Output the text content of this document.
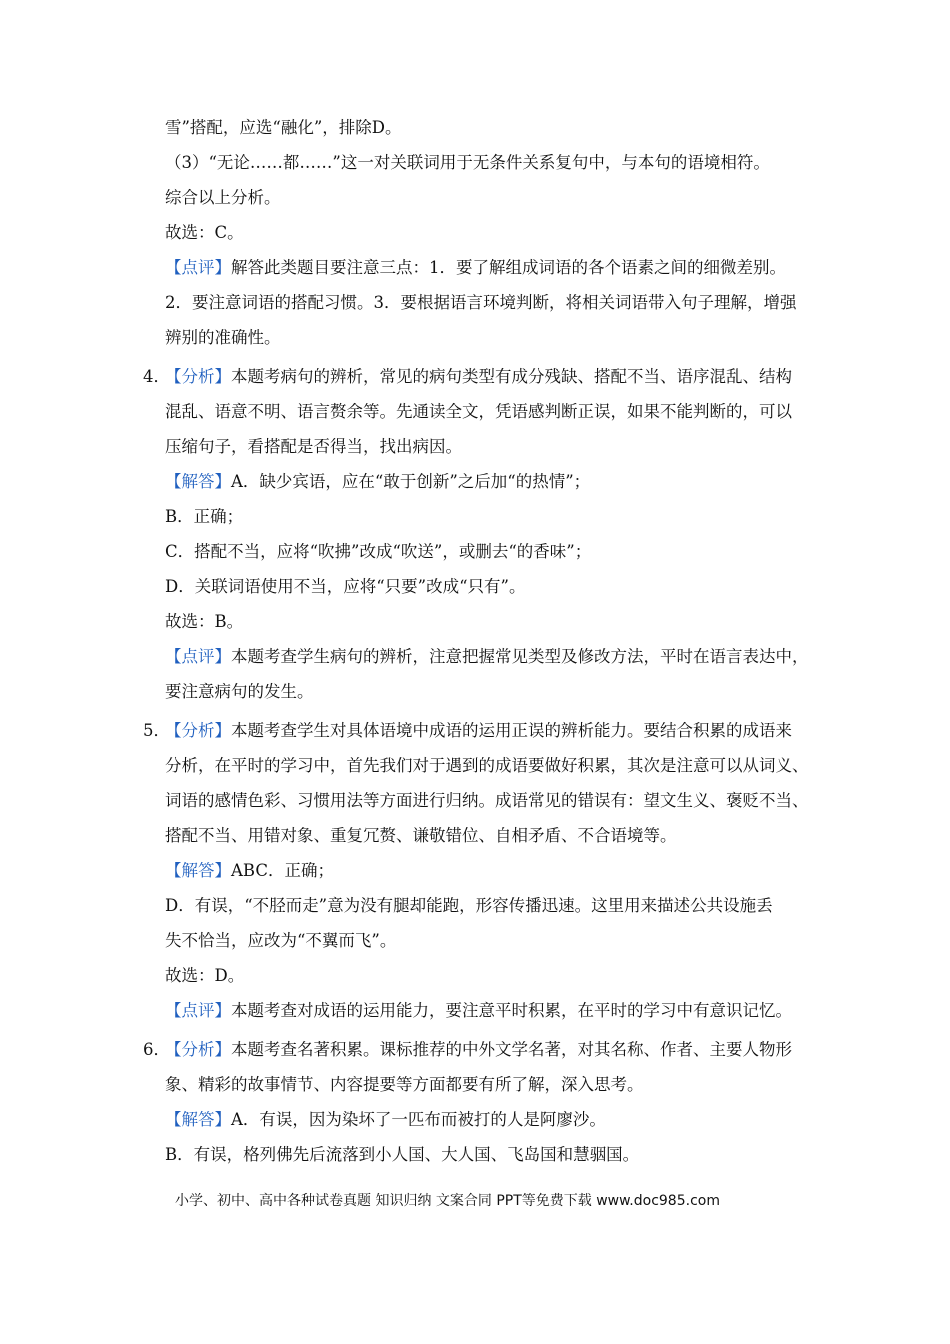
雪”搭配，应选“融化”，排除D。
（3）“无论……都……”这一对关联词用于无条件关系复句中，与本句的语境相符。
综合以上分析。
故选：C。
【点评】解答此类题目要注意三点：1．要了解组成词语的各个语素之间的细微差别。
2．要注意词语的搭配习惯。3．要根据语言环境判断，将相关词语带入句子理解，增强
辨别的准确性。
4．
【分析】本题考病句的辨析，常见的病句类型有成分残缺、搭配不当、语序混乱、结构
混乱、语意不明、语言赘余等。先通读全文，凭语感判断正误，如果不能判断的，可以
压缩句子，看搭配是否得当，找出病因。
【解答】A．缺少宾语，应在“敢于创新”之后加“的热情”；
B．正确；
C．搭配不当，应将“吹拂”改成“吹送”，或删去“的香味”；
D．关联词语使用不当，应将“只要”改成“只有”。
故选：B。
【点评】本题考查学生病句的辨析，注意把握常见类型及修改方法，平时在语言表达中，
要注意病句的发生。
5．
【分析】本题考查学生对具体语境中成语的运用正误的辨析能力。要结合积累的成语来
分析，在平时的学习中，首先我们对于遇到的成语要做好积累，其次是注意可以从词义、
词语的感情色彩、习惯用法等方面进行归纳。成语常见的错误有：望文生义、褒贬不当、
搭配不当、用错对象、重复冗赘、谦敬错位、自相矛盾、不合语境等。
【解答】ABC．正确；
D．有误，“不胫而走”意为没有腿却能跑，形容传播迅速。这里用来描述公共设施丢
失不恰当，应改为“不翼而飞”。
故选：D。
【点评】本题考查对成语的运用能力，要注意平时积累，在平时的学习中有意识记忆。
6．
【分析】本题考查名著积累。课标推荐的中外文学名著，对其名称、作者、主要人物形
象、精彩的故事情节、内容提要等方面都要有所了解，深入思考。
【解答】A．有误，因为染坏了一匹布而被打的人是阿廖沙。
B．有误，格列佛先后流落到小人国、大人国、飞岛国和慧骃国。
小学、初中、高中各种试卷真题 知识归纳 文案合同 PPT等免费下载 www.doc985.com
